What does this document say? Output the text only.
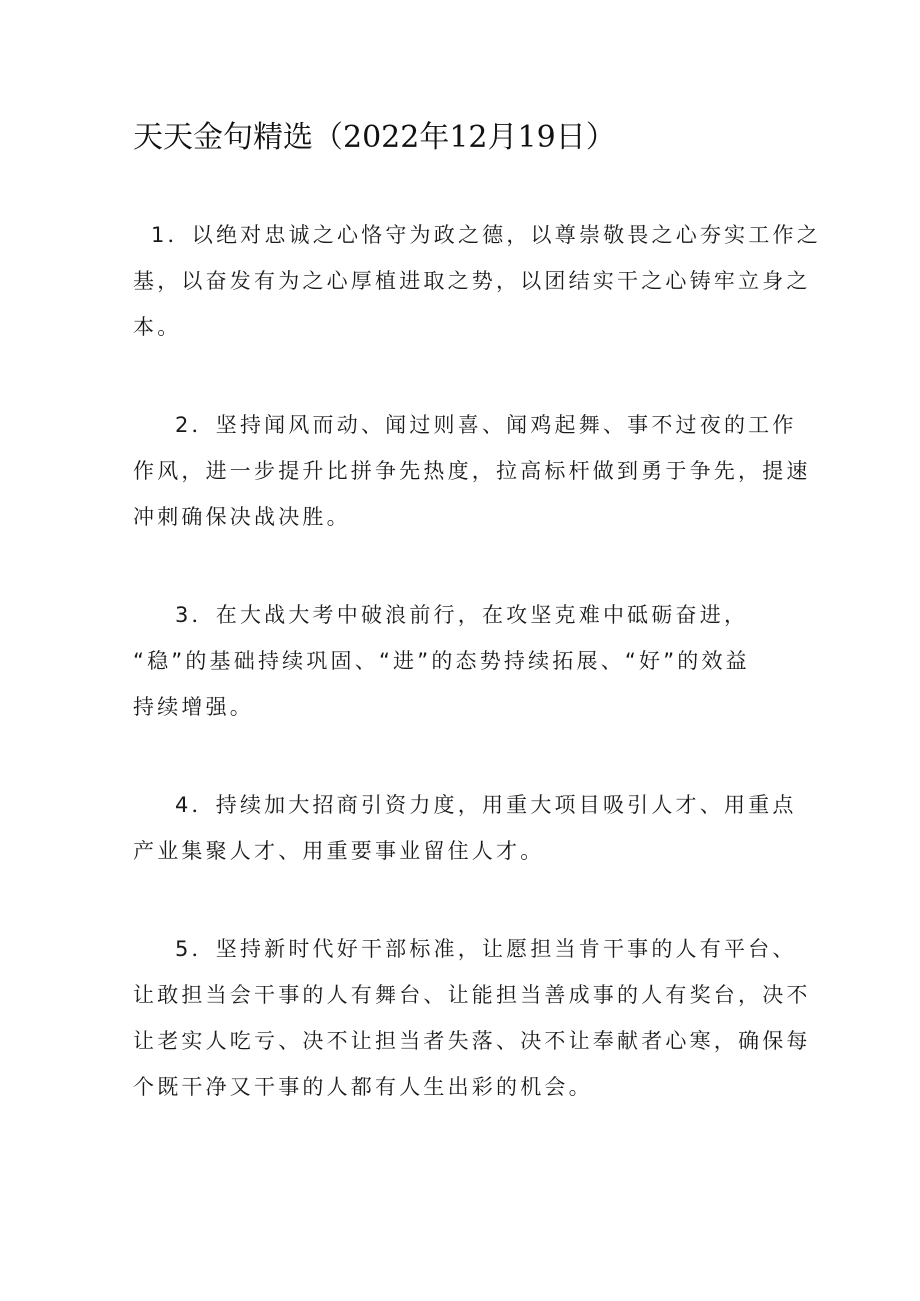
天天金句精选（2022年12月19日）
1．以绝对忠诚之心恪守为政之德，以尊崇敬畏之心夯实工作之
基，以奋发有为之心厚植进取之势，以团结实干之心铸牢立身之
本。
2．坚持闻风而动、闻过则喜、闻鸡起舞、事不过夜的工作
作风，进一步提升比拼争先热度，拉高标杆做到勇于争先，提速
冲刺确保决战决胜。
3．在大战大考中破浪前行，在攻坚克难中砥砺奋进，
“稳”的基础持续巩固、“进”的态势持续拓展、“好”的效益
持续增强。
4．持续加大招商引资力度，用重大项目吸引人才、用重点
产业集聚人才、用重要事业留住人才。
5．坚持新时代好干部标准，让愿担当肯干事的人有平台、
让敢担当会干事的人有舞台、让能担当善成事的人有奖台，决不
让老实人吃亏、决不让担当者失落、决不让奉献者心寒，确保每
个既干净又干事的人都有人生出彩的机会。
